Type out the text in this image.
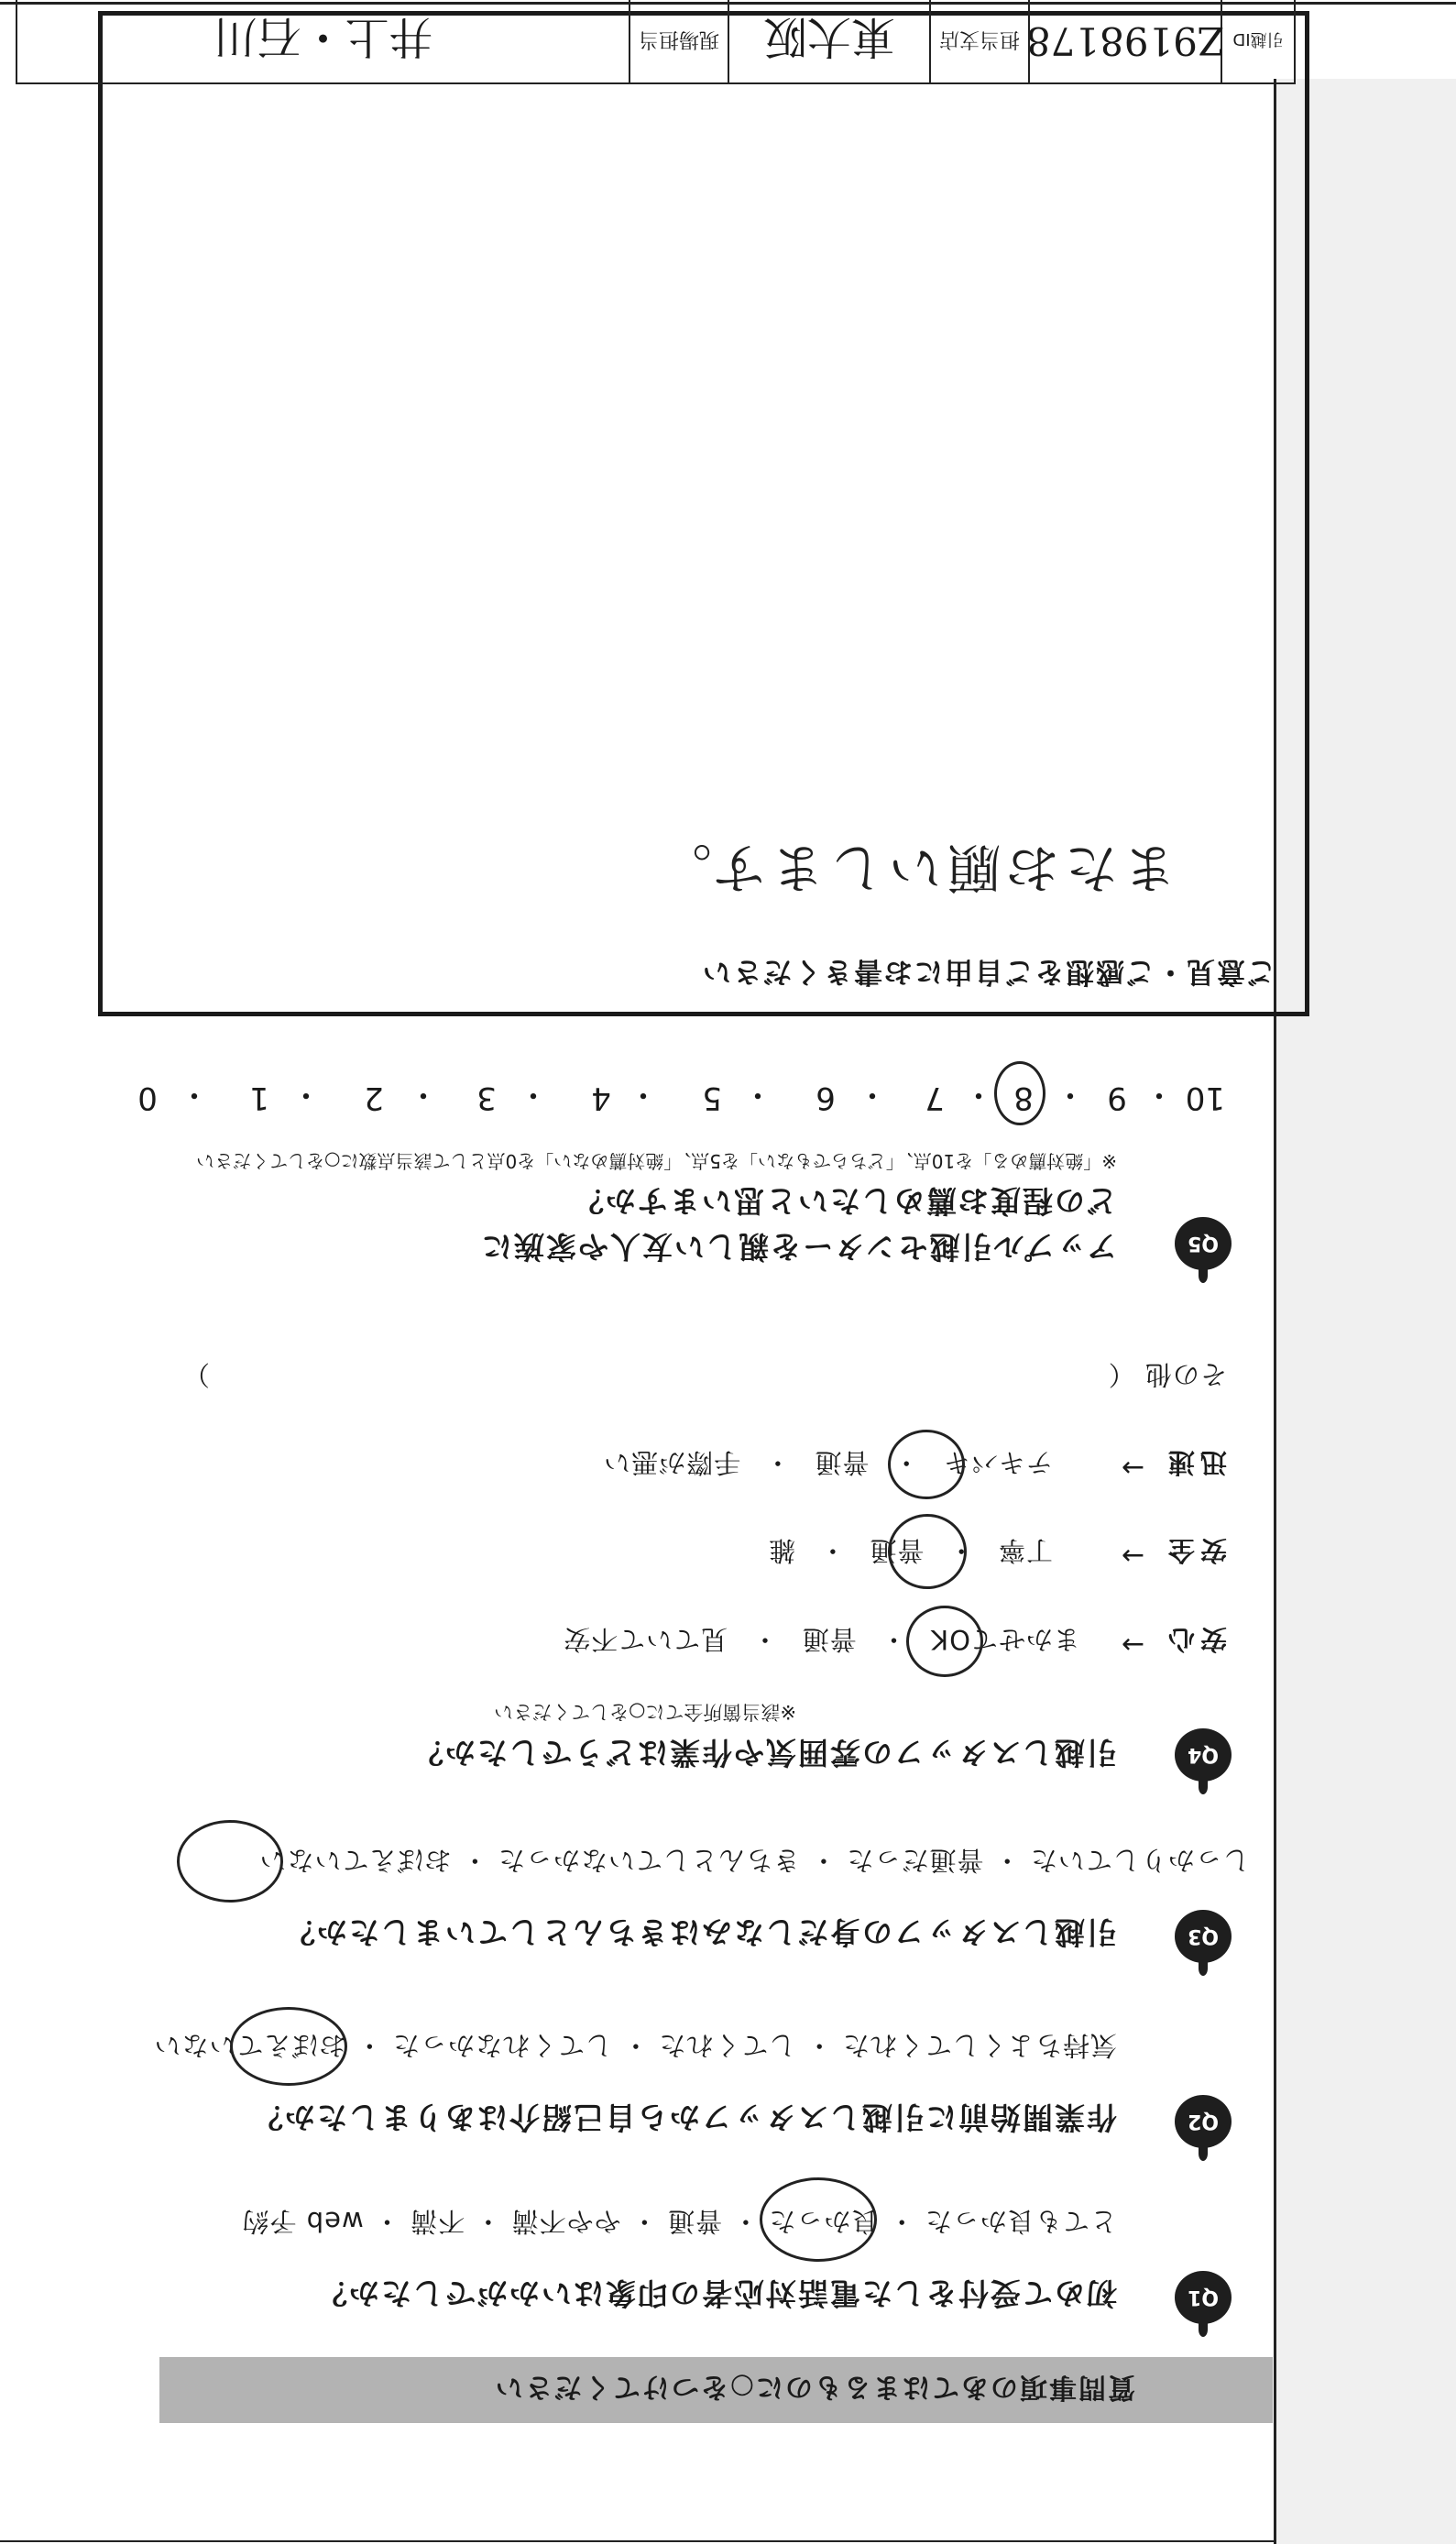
質問事項のあてはまるものに○をつけてください
Q1
初めて受付をした電話対応者の印象はいかがでしたか？
とても良かった ・ 良かった ・ 普通 ・ やや不満 ・ 不満 ・ web 予約
Q2
作業開始前に引越しスタッフから自己紹介はありましたか？
気持ちよくしてくれた ・ してくれた ・ してくれなかった ・ おぼえていない
Q3
引越しスタッフの身だしなみはきちんとしていましたか？
しっかりしていた ・ 普通だった ・ きちんとしていなかった ・ おぼえていない
Q4
引越しスタッフの雰囲気や作業はどうでしたか？
※該当箇所全てに○をしてください
安心
→
まかせてOK ・ 普通 ・ 見ていて不安
安全
→
丁寧 ・ 普通 ・ 雑
迅速
→
テキパキ ・ 普通 ・ 手際が悪い
その他 （
）
Q5
アップル引越センターを親しい友人や家族に
どの程度お薦めしたいと思いますか？
※「絶対薦める」を10点、「どちらでもない」を5点、「絶対薦めない」を0点として該当点数に○をしてください
10
・
9
・
8
・
7
・
6
・
5
・
4
・
3
・
2
・
1
・
0
ご意見・ご感想をご自由にお書きください
またお願いします。
引越ID
Z9198178
担当支店
東大阪
現場担当
井上・石川
